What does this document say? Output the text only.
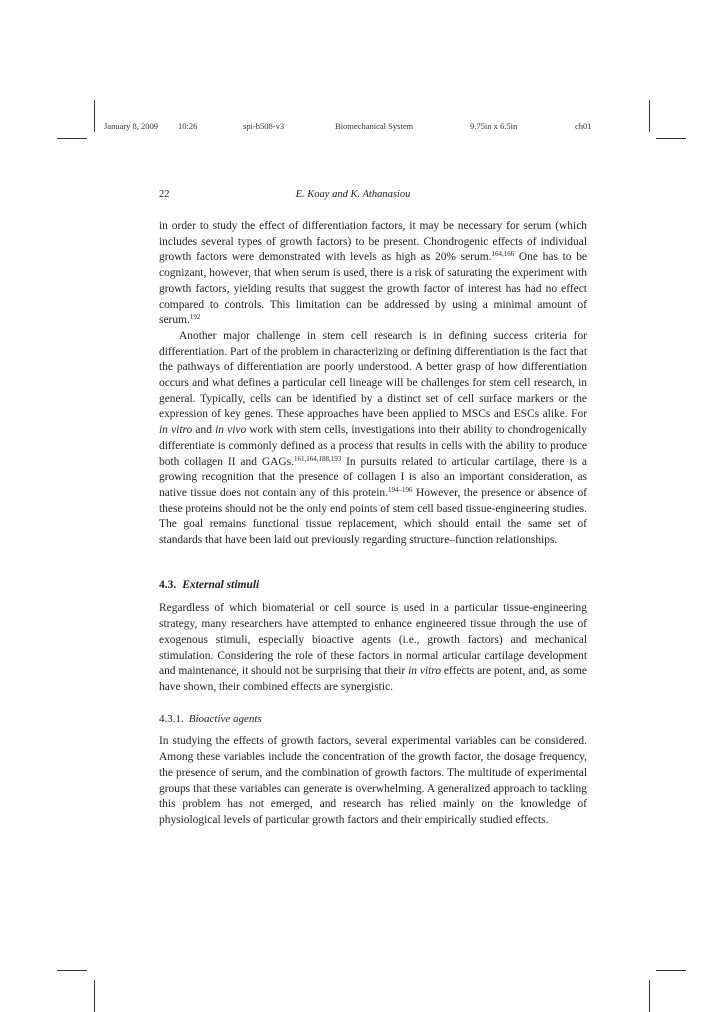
January 8, 2009 10:26	spi-b508-v3	Biomechanical System	9.75in x 6.5in	ch01
22	E. Koay and K. Athanasiou

in order to study the effect of differentiation factors, it may be necessary for serum (which includes several types of growth factors) to be present. Chondrogenic effects of individual growth factors were demonstrated with levels as high as 20% serum.$^{164,166}$ One has to be cognizant, however, that when serum is used, there is a risk of saturating the experiment with growth factors, yielding results that suggest the growth factor of interest has had no effect compared to controls. This limitation can be addressed by using a minimal amount of serum.$^{192}$

Another major challenge in stem cell research is in defining success criteria for differentiation. Part of the problem in characterizing or defining differentiation is the fact that the pathways of differentiation are poorly understood. A better grasp of how differentiation occurs and what defines a particular cell lineage will be challenges for stem cell research, in general. Typically, cells can be identified by a distinct set of cell surface markers or the expression of key genes. These approaches have been applied to MSCs and ESCs alike. For in vitro and in vivo work with stem cells, investigations into their ability to chondrogenically differentiate is commonly defined as a process that results in cells with the ability to produce both collagen II and GAGs.$^{161,164,188,193}$ In pursuits related to articular cartilage, there is a growing recognition that the presence of collagen I is also an important consideration, as native tissue does not contain any of this protein.$^{194-196}$ However, the presence or absence of these proteins should not be the only end points of stem cell based tissue-engineering studies. The goal remains functional tissue replacement, which should entail the same set of standards that have been laid out previously regarding structure–function relationships.

4.3. External stimuli

Regardless of which biomaterial or cell source is used in a particular tissue-engineering strategy, many researchers have attempted to enhance engineered tissue through the use of exogenous stimuli, especially bioactive agents (i.e., growth factors) and mechanical stimulation. Considering the role of these factors in normal articular cartilage development and maintenance, it should not be surprising that their in vitro effects are potent, and, as some have shown, their combined effects are synergistic.

4.3.1. Bioactive agents

In studying the effects of growth factors, several experimental variables can be considered. Among these variables include the concentration of the growth factor, the dosage frequency, the presence of serum, and the combination of growth factors. The multitude of experimental groups that these variables can generate is overwhelming. A generalized approach to tackling this problem has not emerged, and research has relied mainly on the knowledge of physiological levels of particular growth factors and their empirically studied effects.
